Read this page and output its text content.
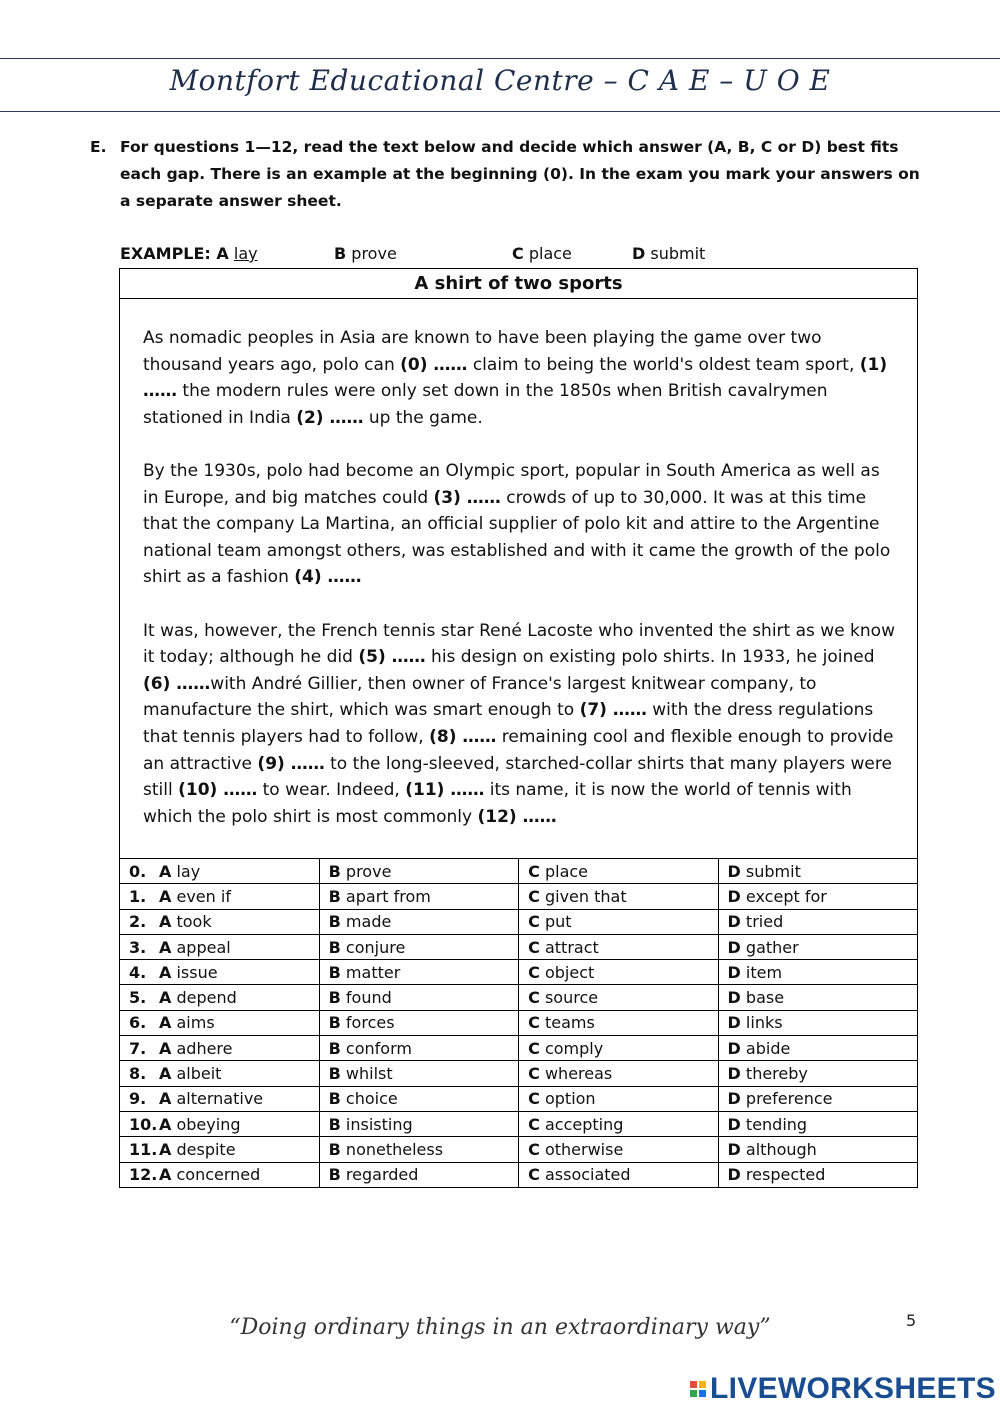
Montfort Educational Centre – C A E – U O E
E. For questions 1—12, read the text below and decide which answer (A, B, C or D) best fits each gap. There is an example at the beginning (0). In the exam you mark your answers on a separate answer sheet.
EXAMPLE: A lay	B prove	C place	D submit
A shirt of two sports

As nomadic peoples in Asia are known to have been playing the game over two thousand years ago, polo can (0) …… claim to being the world's oldest team sport, (1) …… the modern rules were only set down in the 1850s when British cavalrymen stationed in India (2) …… up the game.

By the 1930s, polo had become an Olympic sport, popular in South America as well as in Europe, and big matches could (3) …… crowds of up to 30,000. It was at this time that the company La Martina, an official supplier of polo kit and attire to the Argentine national team amongst others, was established and with it came the growth of the polo shirt as a fashion (4) ……

It was, however, the French tennis star René Lacoste who invented the shirt as we know it today; although he did (5) …… his design on existing polo shirts. In 1933, he joined (6) ……with André Gillier, then owner of France's largest knitwear company, to manufacture the shirt, which was smart enough to (7) …… with the dress regulations that tennis players had to follow, (8) …… remaining cool and flexible enough to provide an attractive (9) …… to the long-sleeved, starched-collar shirts that many players were still (10) …… to wear. Indeed, (11) …… its name, it is now the world of tennis with which the polo shirt is most commonly (12) ……

0. A lay	B prove	C place	D submit
1. A even if	B apart from	C given that	D except for
2. A took	B made	C put	D tried
3. A appeal	B conjure	C attract	D gather
4. A issue	B matter	C object	D item
5. A depend	B found	C source	D base
6. A aims	B forces	C teams	D links
7. A adhere	B conform	C comply	D abide
8. A albeit	B whilst	C whereas	D thereby
9. A alternative	B choice	C option	D preference
10. A obeying	B insisting	C accepting	D tending
11. A despite	B nonetheless	C otherwise	D although
12. A concerned	B regarded	C associated	D respected
“Doing ordinary things in an extraordinary way”	5
LIVEWORKSHEETS
